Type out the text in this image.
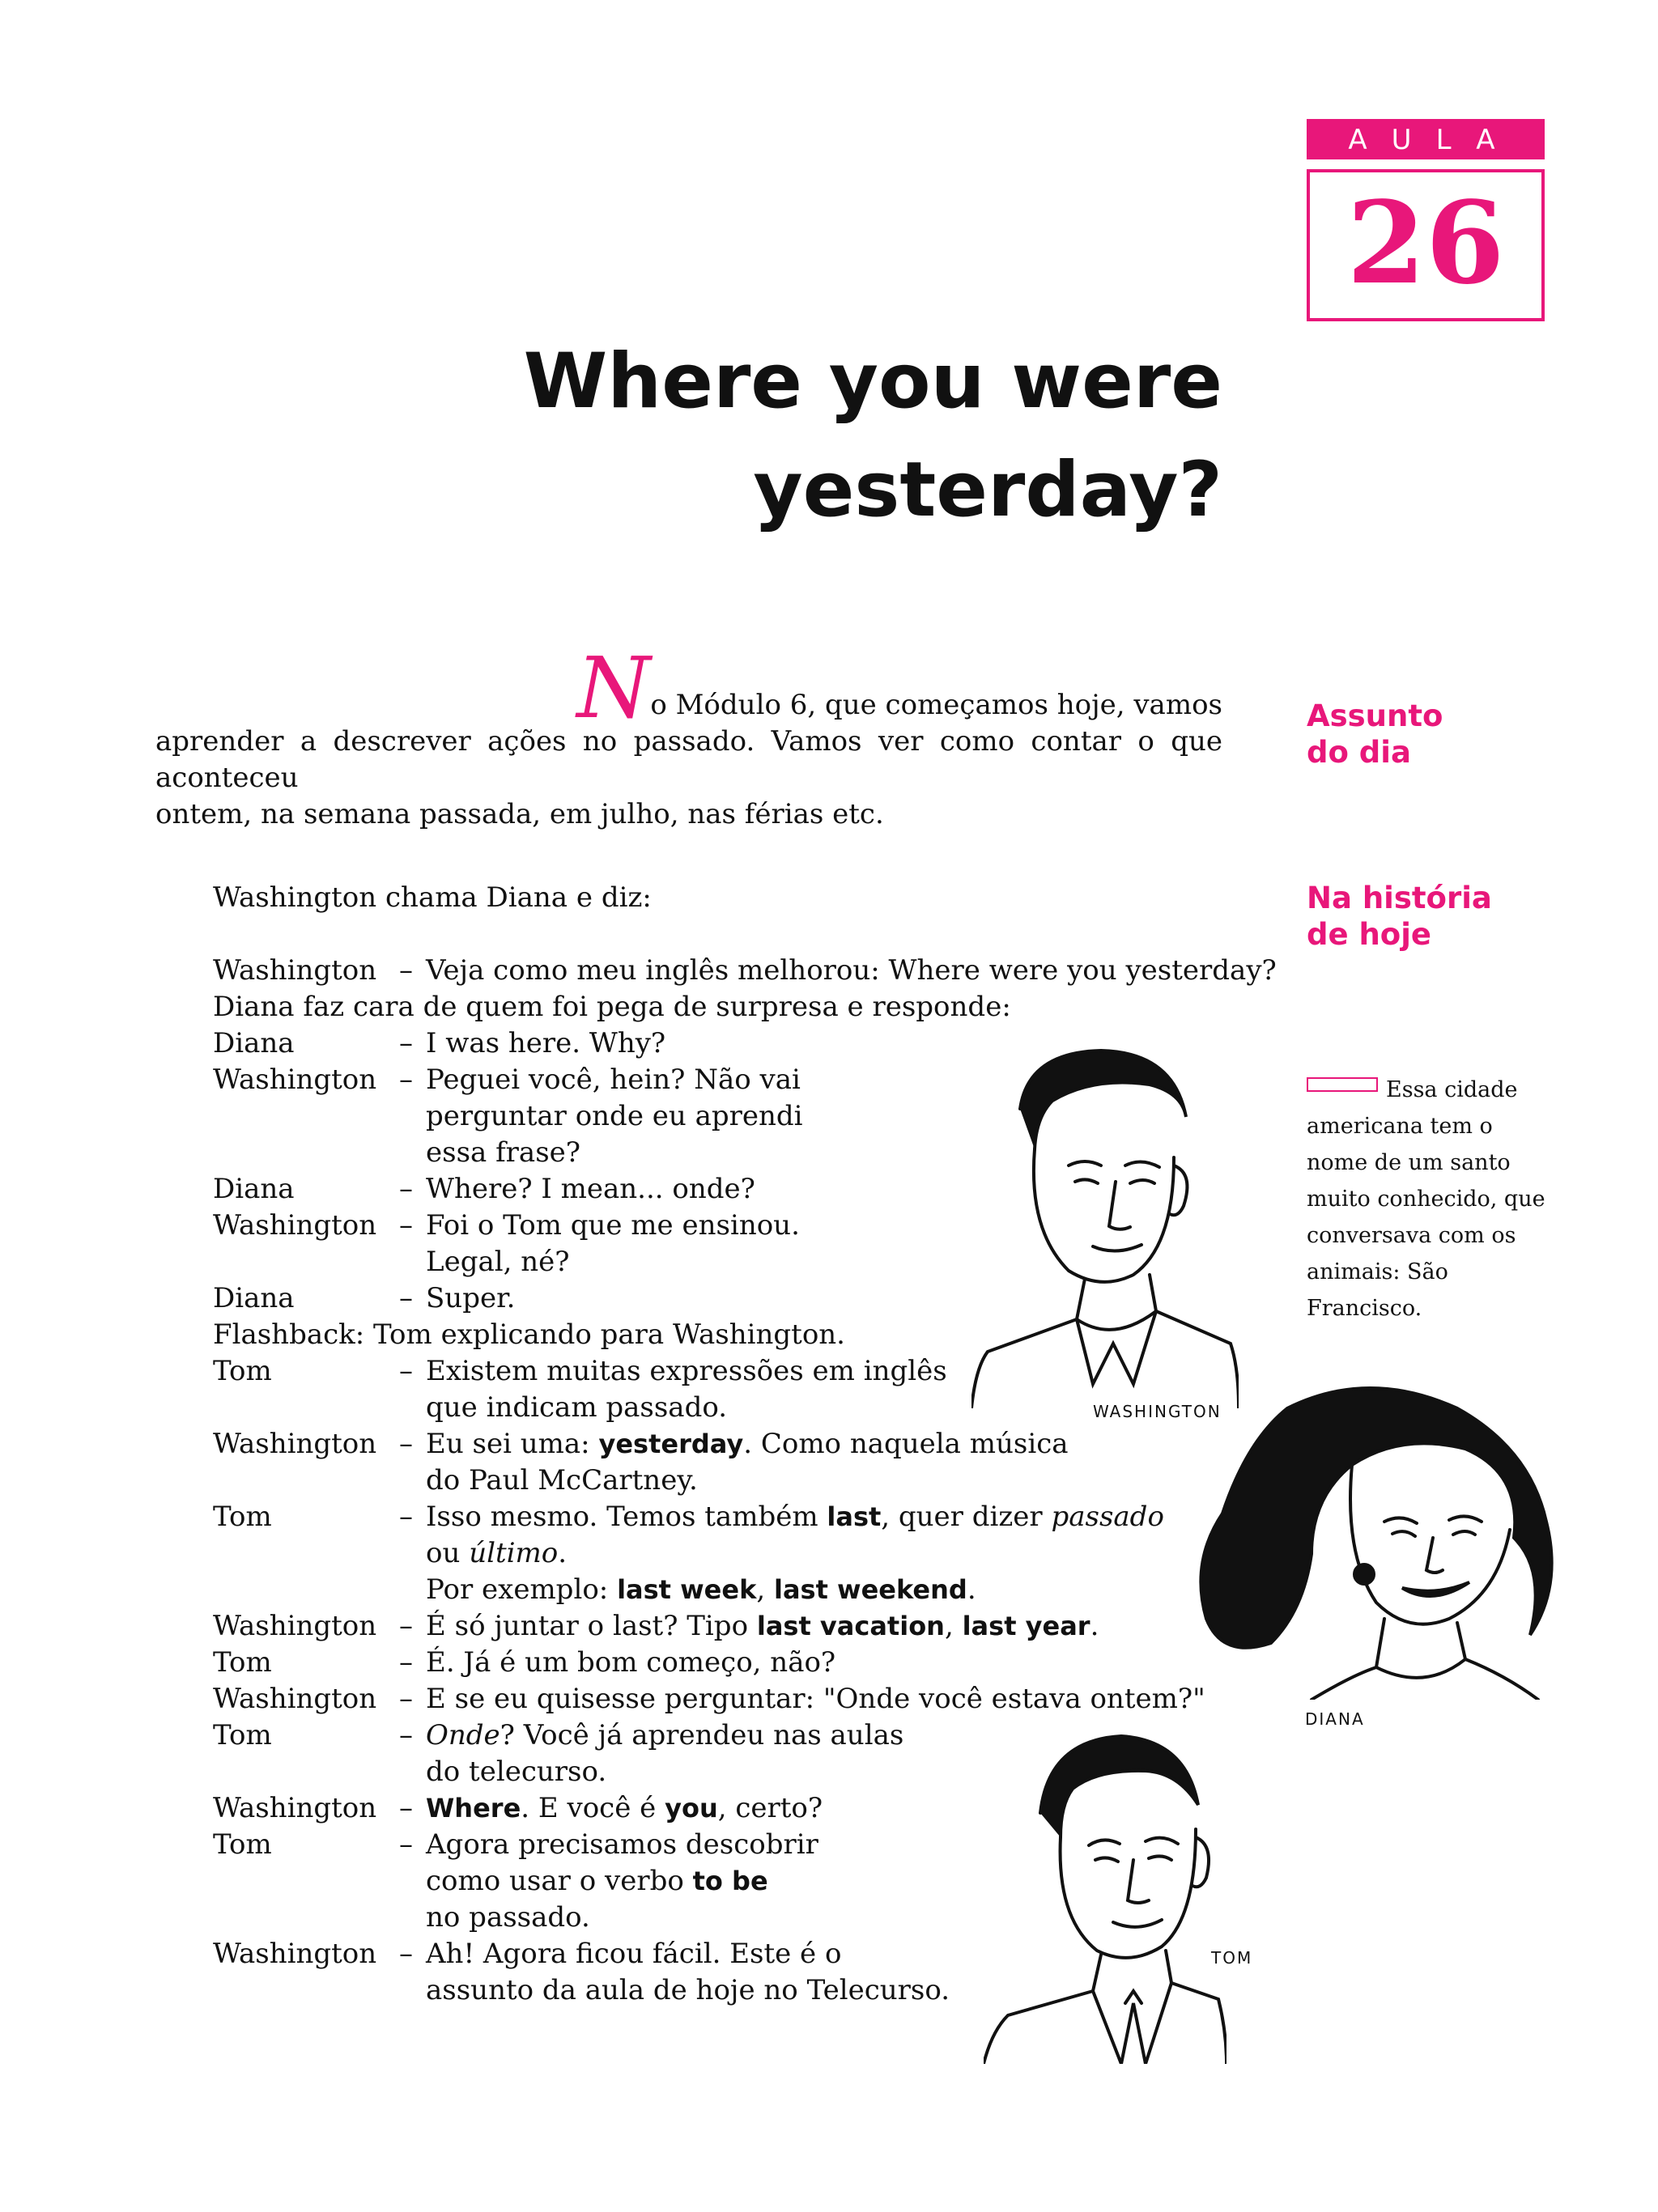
AULA
26
Where you were
yesterday?
No Módulo 6, que começamos hoje, vamos
aprender a descrever ações no passado. Vamos ver como contar o que aconteceu
ontem, na semana passada, em julho, nas férias etc.
Assunto
do dia
Na história
de hoje
Essa cidade americana tem o nome de um santo muito conhecido, que conversava com os animais: São Francisco.
Washington chama Diana e diz:
Washington – Veja como meu inglês melhorou: Where were you yesterday?
Diana faz cara de quem foi pega de surpresa e responde:
Diana	– I was here. Why?
Washington – Peguei você, hein? Não vai
perguntar onde eu aprendi
essa frase?
Diana	– Where? I mean... onde?
Washington – Foi o Tom que me ensinou.
Legal, né?
Diana	– Super.
Flashback: Tom explicando para Washington.
Tom	– Existem muitas expressões em inglês
que indicam passado.
Washington – Eu sei uma: yesterday. Como naquela música
do Paul McCartney.
Tom	– Isso mesmo. Temos também last, quer dizer passado
ou último.
Por exemplo: last week, last weekend.
Washington – É só juntar o last? Tipo last vacation, last year.
Tom	– É. Já é um bom começo, não?
Washington – E se eu quisesse perguntar: "Onde você estava ontem?"
Tom	– Onde? Você já aprendeu nas aulas
do telecurso.
Washington – Where. E você é you, certo?
Tom	– Agora precisamos descobrir
como usar o verbo to be
no passado.
Washington – Ah! Agora ficou fácil. Este é o
assunto da aula de hoje no Telecurso.
WASHINGTON
DIANA
TOM
